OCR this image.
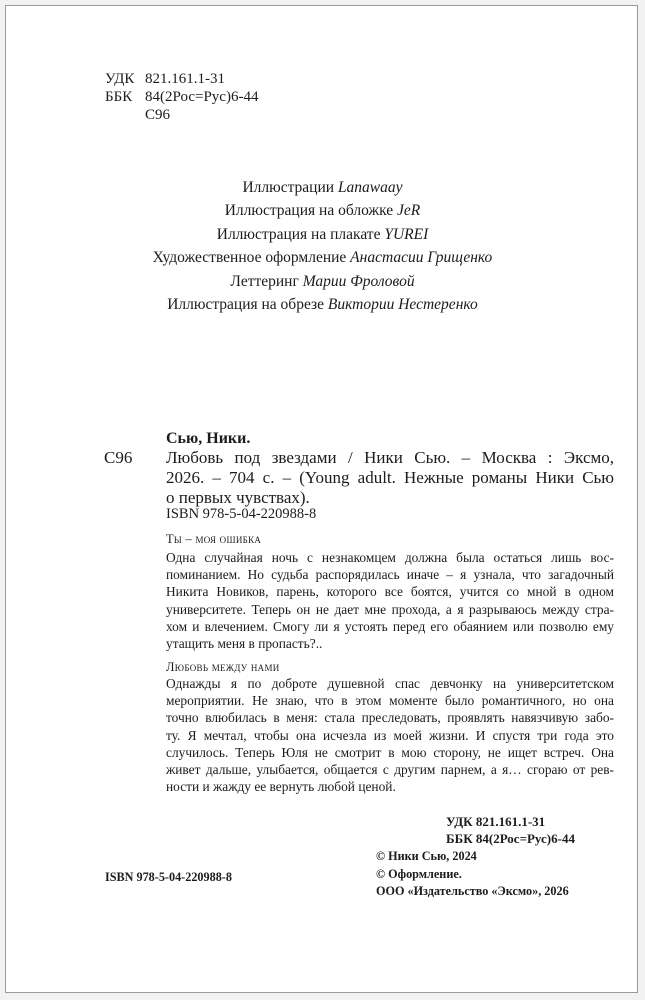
УДК 821.161.1-31
ББК 84(2Рос=Рус)6-44
С96
Иллюстрации Lanawaay
Иллюстрация на обложке JeR
Иллюстрация на плакате YUREI
Художественное оформление Анастасии Грищенко
Леттеринг Марии Фроловой
Иллюстрация на обрезе Виктории Нестеренко
Сью, Ники.
С96 Любовь под звездами / Ники Сью. – Москва : Эксмо,
2026. – 704 с. – (Young adult. Нежные романы Ники Сью
о первых чувствах).
ISBN 978-5-04-220988-8
Ты – моя ошибка
Одна случайная ночь с незнакомцем должна была остаться лишь вос-
поминанием. Но судьба распорядилась иначе – я узнала, что загадочный
Никита Новиков, парень, которого все боятся, учится со мной в одном
университете. Теперь он не дает мне прохода, а я разрываюсь между стра-
хом и влечением. Смогу ли я устоять перед его обаянием или позволю ему
утащить меня в пропасть?..
Любовь между нами
Однажды я по доброте душевной спас девчонку на университетском
мероприятии. Не знаю, что в этом моменте было романтичного, но она
точно влюбилась в меня: стала преследовать, проявлять навязчивую забо-
ту. Я мечтал, чтобы она исчезла из моей жизни. И спустя три года это
случилось. Теперь Юля не смотрит в мою сторону, не ищет встреч. Она
живет дальше, улыбается, общается с другим парнем, а я… сгораю от рев-
ности и жажду ее вернуть любой ценой.
УДК 821.161.1-31
ББК 84(2Рос=Рус)6-44
© Ники Сью, 2024
© Оформление.
ООО «Издательство «Эксмо», 2026
ISBN 978-5-04-220988-8
